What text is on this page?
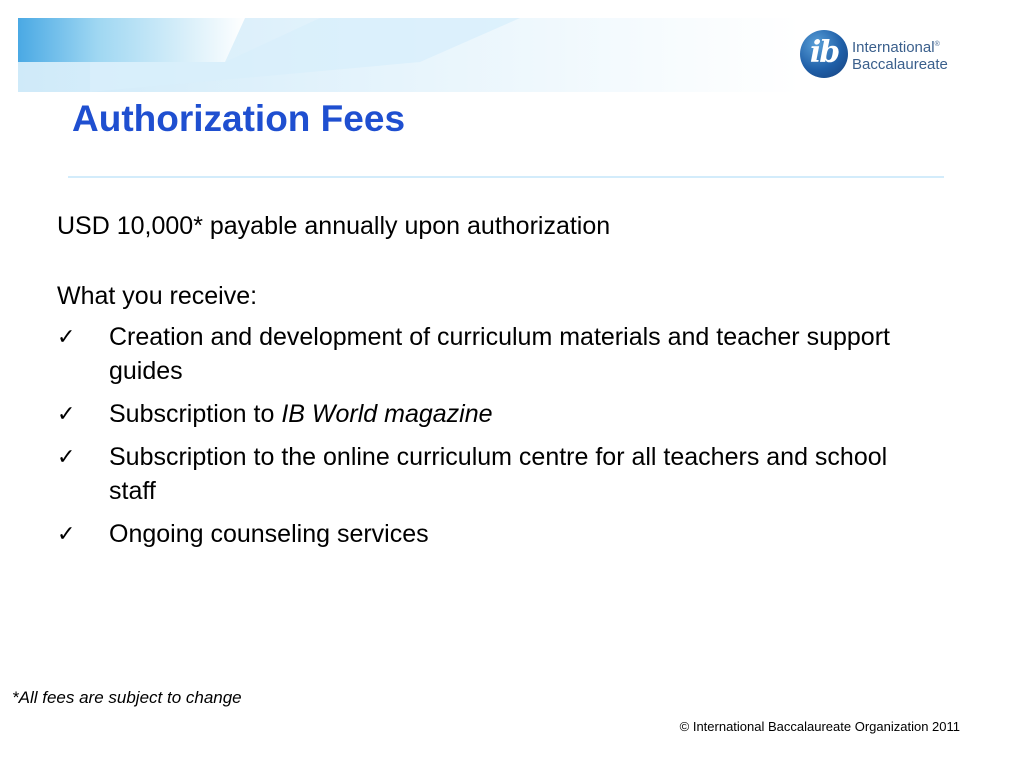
ib International®
Baccalaureate
Authorization Fees

USD 10,000* payable annually upon authorization

What you receive:

✓ Creation and development of curriculum materials and teacher support guides
✓ Subscription to IB World magazine
✓ Subscription to the online curriculum centre for all teachers and school staff
✓ Ongoing counseling services

*All fees are subject to change

© International Baccalaureate Organization 2011
